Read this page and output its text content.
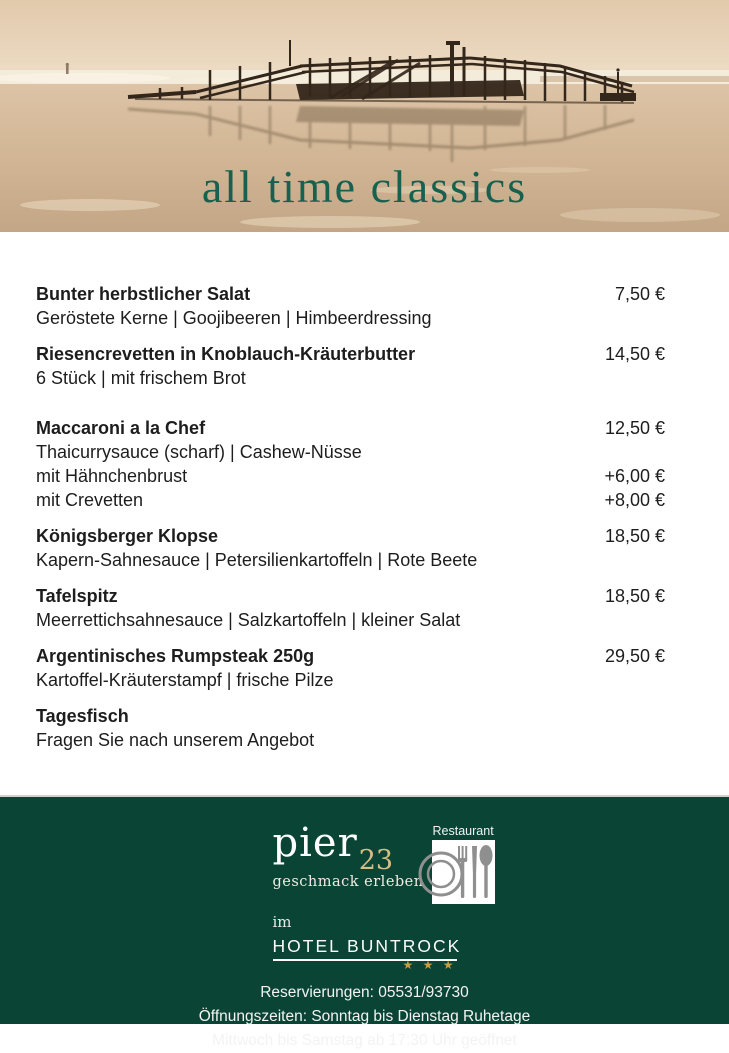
all time classics
Bunter herbstlicher Salat	7,50 €
Geröstete Kerne | Goojibeeren | Himbeerdressing
Riesencrevetten in Knoblauch-Kräuterbutter	14,50 €
6 Stück | mit frischem Brot
Maccaroni a la Chef	12,50 €
Thaicurrysauce (scharf) | Cashew-Nüsse
mit Hähnchenbrust	+6,00 €
mit Crevetten	+8,00 €
Königsberger Klopse	18,50 €
Kapern-Sahnesauce | Petersilienkartoffeln | Rote Beete
Tafelspitz	18,50 €
Meerrettichsahnesauce | Salzkartoffeln | kleiner Salat
Argentinisches Rumpsteak 250g	29,50 €
Kartoffel-Kräuterstampf | frische Pilze
Tagesfisch
Fragen Sie nach unserem Angebot
pier23
geschmack erleben
Restaurant
im
HOTEL BUNTROCK
★ ★ ★
Reservierungen: 05531/93730
Öffnungszeiten: Sonntag bis Dienstag Ruhetage
Mittwoch bis Samstag ab 17:30 Uhr geöffnet
